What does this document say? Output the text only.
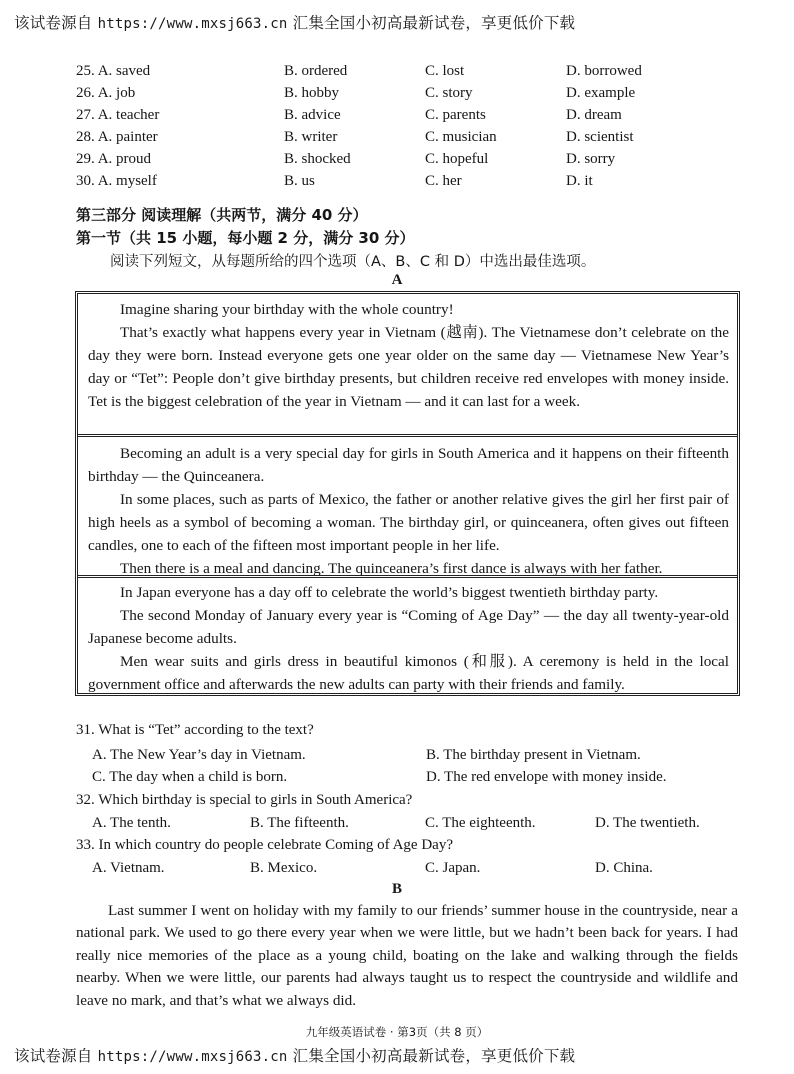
该试卷源自 https://www.mxsj663.cn 汇集全国小初高最新试卷，享更低价下载
25. A. saved	B. ordered	C. lost	D. borrowed
26. A. job	B. hobby	C. story	D. example
27. A. teacher	B. advice	C. parents	D. dream
28. A. painter	B. writer	C. musician	D. scientist
29. A. proud	B. shocked	C. hopeful	D. sorry
30. A. myself	B. us	C. her	D. it
第三部分 阅读理解（共两节，满分 40 分）
第一节（共 15 小题，每小题 2 分，满分 30 分）
阅读下列短文，从每题所给的四个选项（A、B、C 和 D）中选出最佳选项。
A

Imagine sharing your birthday with the whole country!

That’s exactly what happens every year in Vietnam (越南). The Vietnamese don’t celebrate on the day they were born. Instead everyone gets one year older on the same day — Vietnamese New Year’s day or “Tet”: People don’t give birthday presents, but children receive red envelopes with money inside. Tet is the biggest celebration of the year in Vietnam — and it can last for a week.

Becoming an adult is a very special day for girls in South America and it happens on their fifteenth birthday — the Quinceanera.

In some places, such as parts of Mexico, the father or another relative gives the girl her first pair of high heels as a symbol of becoming a woman. The birthday girl, or quinceanera, often gives out fifteen candles, one to each of the fifteen most important people in her life.

Then there is a meal and dancing. The quinceanera’s first dance is always with her father.

In Japan everyone has a day off to celebrate the world’s biggest twentieth birthday party.

The second Monday of January every year is “Coming of Age Day” — the day all twenty-year-old Japanese become adults.

Men wear suits and girls dress in beautiful kimonos (和服). A ceremony is held in the local government office and afterwards the new adults can party with their friends and family.

31. What is “Tet” according to the text?
A. The New Year’s day in Vietnam.	B. The birthday present in Vietnam.
C. The day when a child is born.	D. The red envelope with money inside.
32. Which birthday is special to girls in South America?
A. The tenth.	B. The fifteenth.	C. The eighteenth.	D. The twentieth.
33. In which country do people celebrate Coming of Age Day?
A. Vietnam.	B. Mexico.	C. Japan.	D. China.
B

Last summer I went on holiday with my family to our friends’ summer house in the countryside, near a national park. We used to go there every year when we were little, but we hadn’t been back for years. I had really nice memories of the place as a young child, boating on the lake and walking through the fields nearby. When we were little, our parents had always taught us to respect the countryside and wildlife and leave no mark, and that’s what we always did.

九年级英语试卷 · 第3页（共 8 页）
该试卷源自 https://www.mxsj663.cn 汇集全国小初高最新试卷，享更低价下载
